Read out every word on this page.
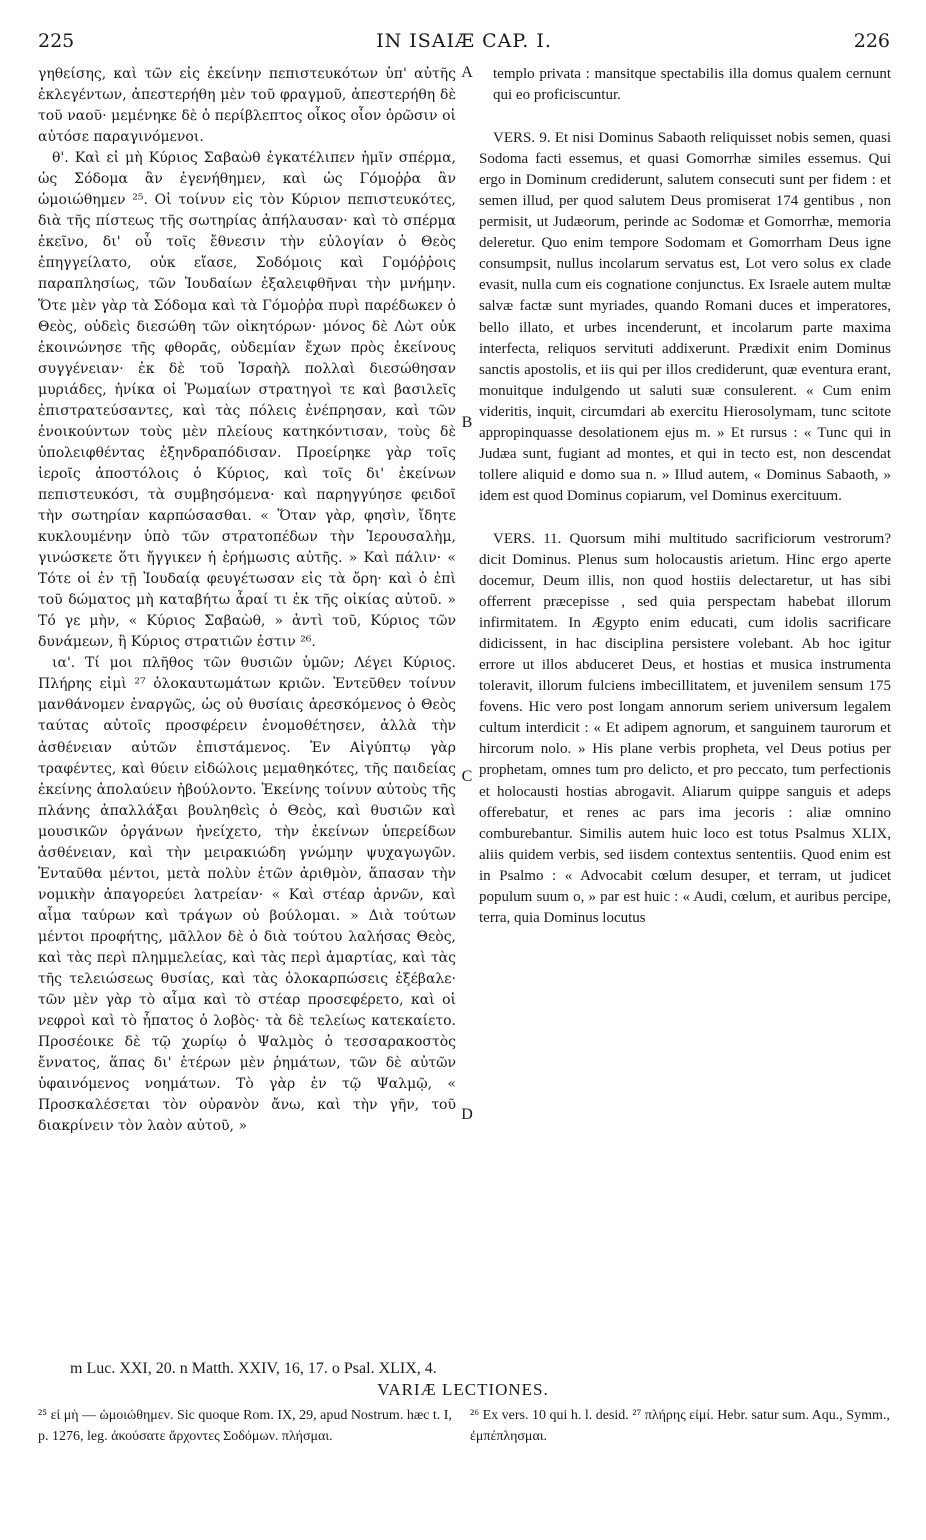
225	IN ISAIÆ CAP. I.	226

γηθείσης, καὶ τῶν εἰς ἐκείνην πεπιστευκότων ὑπ' αὐτῆς ἐκλεγέντων, ἀπεστερήθη μὲν τοῦ φραγμοῦ, ἀπεστερήθη δὲ τοῦ ναοῦ· μεμένηκε δὲ ὁ περίβλεπτος οἶκος οἷον ὁρῶσιν οἱ αὐτόσε παραγινόμενοι.

θ'. Καὶ εἰ μὴ Κύριος Σαβαὼθ ἐγκατέλιπεν ἡμῖν σπέρμα, ὡς Σόδομα ἂν ἐγενήθημεν, καὶ ὡς Γόμοῤῥα ἂν ὡμοιώθημεν ²⁵. Οἱ τοίνυν εἰς τὸν Κύριον πεπιστευκότες, διὰ τῆς πίστεως τῆς σωτηρίας ἀπήλαυσαν· καὶ τὸ σπέρμα ἐκεῖνο, δι' οὗ τοῖς ἔθνεσιν τὴν εὐλογίαν ὁ Θεὸς ἐπηγγείλατο, οὐκ εἴασε, Σοδόμοις καὶ Γομόῤῥοις παραπλησίως, τῶν Ἰουδαίων ἐξαλειφθῆναι τὴν μνήμην. Ὅτε μὲν γὰρ τὰ Σόδομα καὶ τὰ Γόμοῤῥα πυρὶ παρέδωκεν ὁ Θεὸς, οὐδεὶς διεσώθη τῶν οἰκητόρων· μόνος δὲ Λὼτ οὐκ ἐκοινώνησε τῆς φθορᾶς, οὐδεμίαν ἔχων πρὸς ἐκείνους συγγένειαν· ἐκ δὲ τοῦ Ἰσραὴλ πολλαὶ διεσώθησαν μυριάδες, ἡνίκα οἱ Ῥωμαίων στρατηγοὶ τε καὶ βασιλεῖς ἐπιστρατεύσαντες, καὶ τὰς πόλεις ἐνέπρησαν, καὶ τῶν ἐνοικούντων τοὺς μὲν πλείους κατηκόντισαν, τοὺς δὲ ὑπολειφθέντας ἐξηνδραπόδισαν. Προείρηκε γὰρ τοῖς ἱεροῖς ἀποστόλοις ὁ Κύριος, καὶ τοῖς δι' ἐκείνων πεπιστευκόσι, τὰ συμβησόμενα· καὶ παρηγγύησε φειδοῖ τὴν σωτηρίαν καρπώσασθαι. « Ὅταν γὰρ, φησὶν, ἴδητε κυκλουμένην ὑπὸ τῶν στρατοπέδων τὴν Ἱερουσαλὴμ, γινώσκετε ὅτι ἤγγικεν ἡ ἐρήμωσις αὐτῆς. » Καὶ πάλιν· « Τότε οἱ ἐν τῇ Ἰουδαίᾳ φευγέτωσαν εἰς τὰ ὄρη· καὶ ὁ ἐπὶ τοῦ δώματος μὴ καταβήτω ἆραί τι ἐκ τῆς οἰκίας αὐτοῦ. » Τό γε μὴν, « Κύριος Σαβαὼθ, » ἀντὶ τοῦ, Κύριος τῶν δυνάμεων, ἢ Κύριος στρατιῶν ἐστιν ²⁶.

ια'. Τί μοι πλῆθος τῶν θυσιῶν ὑμῶν; Λέγει Κύριος. Πλήρης εἰμὶ ²⁷ ὁλοκαυτωμάτων κριῶν. Ἐντεῦθεν τοίνυν μανθάνομεν ἐναργῶς, ὡς οὐ θυσίαις ἀρεσκόμενος ὁ Θεὸς ταύτας αὐτοῖς προσφέρειν ἐνομοθέτησεν, ἀλλὰ τὴν ἀσθένειαν αὐτῶν ἐπιστάμενος. Ἐν Αἰγύπτῳ γὰρ τραφέντες, καὶ θύειν εἰδώλοις μεμαθηκότες, τῆς παιδείας ἐκείνης ἀπολαύειν ἠβούλοντο. Ἐκείνης τοίνυν αὐτοὺς τῆς πλάνης ἀπαλλάξαι βουληθεὶς ὁ Θεὸς, καὶ θυσιῶν καὶ μουσικῶν ὀργάνων ἠνείχετο, τὴν ἐκείνων ὑπερείδων ἀσθένειαν, καὶ τὴν μειρακιώδη γνώμην ψυχαγωγῶν. Ἐνταῦθα μέντοι, μετὰ πολὺν ἐτῶν ἀριθμὸν, ἅπασαν τὴν νομικὴν ἀπαγορεύει λατρείαν· « Καὶ στέαρ ἀρνῶν, καὶ αἷμα ταύρων καὶ τράγων οὐ βούλομαι. » Διὰ τούτων μέντοι προφήτης, μᾶλλον δὲ ὁ διὰ τούτου λαλήσας Θεὸς, καὶ τὰς περὶ πλημμελείας, καὶ τὰς περὶ ἁμαρτίας, καὶ τὰς τῆς τελειώσεως θυσίας, καὶ τὰς ὁλοκαρπώσεις ἐξέβαλε· τῶν μὲν γὰρ τὸ αἷμα καὶ τὸ στέαρ προσεφέρετο, καὶ οἱ νεφροὶ καὶ τὸ ἧπατος ὁ λοβὸς· τὰ δὲ τελείως κατεκαίετο. Προσέοικε δὲ τῷ χωρίῳ ὁ Ψαλμὸς ὁ τεσσαρακοστὸς ἔννατος, ἅπας δι' ἑτέρων μὲν ῥημάτων, τῶν δὲ αὐτῶν ὑφαινόμενος νοημάτων. Τὸ γὰρ ἐν τῷ Ψαλμῷ, « Προσκαλέσεται τὸν οὐρανὸν ἄνω, καὶ τὴν γῆν, τοῦ διακρίνειν τὸν λαὸν αὐτοῦ, »

A
B
C
D

templo privata : mansitque spectabilis illa domus qualem cernunt qui eo proficiscuntur.

VERS. 9. Et nisi Dominus Sabaoth reliquisset nobis semen, quasi Sodoma facti essemus, et quasi Gomorrhæ similes essemus. Qui ergo in Dominum crediderunt, salutem consecuti sunt per fidem : et semen illud, per quod salutem Deus promiserat 174 gentibus , non permisit, ut Judæorum, perinde ac Sodomæ et Gomorrhæ, memoria deleretur. Quo enim tempore Sodomam et Gomorrham Deus igne consumpsit, nullus incolarum servatus est, Lot vero solus ex clade evasit, nulla cum eis cognatione conjunctus. Ex Israele autem multæ salvæ factæ sunt myriades, quando Romani duces et imperatores, bello illato, et urbes incenderunt, et incolarum parte maxima interfecta, reliquos servituti addixerunt. Prædixit enim Dominus sanctis apostolis, et iis qui per illos crediderunt, quæ eventura erant, monuitque indulgendo ut saluti suæ consulerent. « Cum enim videritis, inquit, circumdari ab exercitu Hierosolymam, tunc scitote appropinquasse desolationem ejus m. » Et rursus : « Tunc qui in Judæa sunt, fugiant ad montes, et qui in tecto est, non descendat tollere aliquid e domo sua n. » Illud autem, « Dominus Sabaoth, » idem est quod Dominus copiarum, vel Dominus exercituum.

VERS. 11. Quorsum mihi multitudo sacrificiorum vestrorum? dicit Dominus. Plenus sum holocaustis arietum. Hinc ergo aperte docemur, Deum illis, non quod hostiis delectaretur, ut has sibi offerrent præcepisse , sed quia perspectam habebat illorum infirmitatem. In Ægypto enim educati, cum idolis sacrificare didicissent, in hac disciplina persistere volebant. Ab hoc igitur errore ut illos abduceret Deus, et hostias et musica instrumenta toleravit, illorum fulciens imbecillitatem, et juvenilem sensum 175 fovens. Hic vero post longam annorum seriem universum legalem cultum interdicit : « Et adipem agnorum, et sanguinem taurorum et hircorum nolo. » His plane verbis propheta, vel Deus potius per prophetam, omnes tum pro delicto, et pro peccato, tum perfectionis et holocausti hostias abrogavit. Aliarum quippe sanguis et adeps offerebatur, et renes ac pars ima jecoris : aliæ omnino comburebantur. Similis autem huic loco est totus Psalmus XLIX, aliis quidem verbis, sed iisdem contextus sententiis. Quod enim est in Psalmo : « Advocabit cœlum desuper, et terram, ut judicet populum suum o, » par est huic : « Audi, cœlum, et auribus percipe, terra, quia Dominus locutus

m Luc. XXI, 20. n Matth. XXIV, 16, 17. o Psal. XLIX, 4.
VARIÆ LECTIONES.
²⁵ εἰ μὴ — ὡμοιώθημεν. Sic quoque Rom. IX, 29, apud Nostrum. hæc t. I, p. 1276, leg. ἀκούσατε ἄρχοντες Σοδόμων. πλήσμαι.
²⁶ Ex vers. 10 qui h. l. desid. ²⁷ πλήρης εἰμί. Hebr. satur sum. Aqu., Symm., ἐμπέπλησμαι.
